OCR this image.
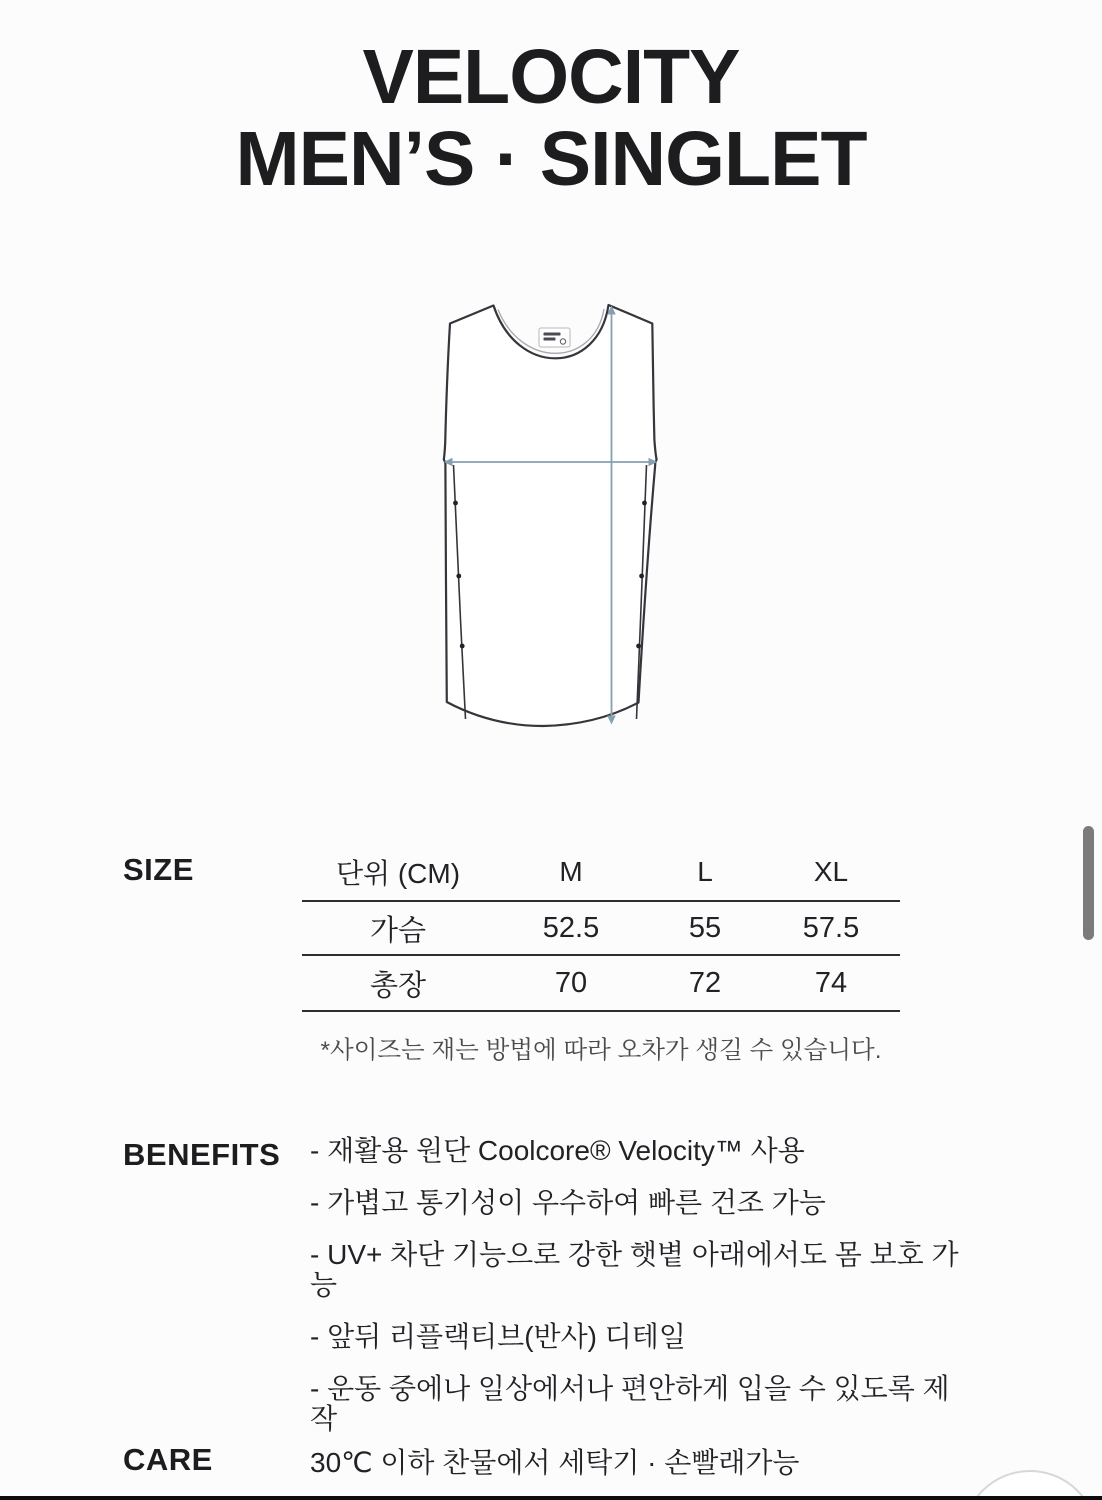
VELOCITY
MEN’S · SINGLET
SIZE	단위 (CM)	M	L	XL
가슴	52.5	55	57.5
총장	70	72	74
*사이즈는 재는 방법에 따라 오차가 생길 수 있습니다.
BENEFITS - 재활용 원단 Coolcore® Velocity™ 사용
- 가볍고 통기성이 우수하여 빠른 건조 가능
- UV+ 차단 기능으로 강한 햇볕 아래에서도 몸 보호 가능
- 앞뒤 리플랙티브(반사) 디테일
- 운동 중에나 일상에서나 편안하게 입을 수 있도록 제작
CARE	30℃ 이하 찬물에서 세탁기 · 손빨래가능
